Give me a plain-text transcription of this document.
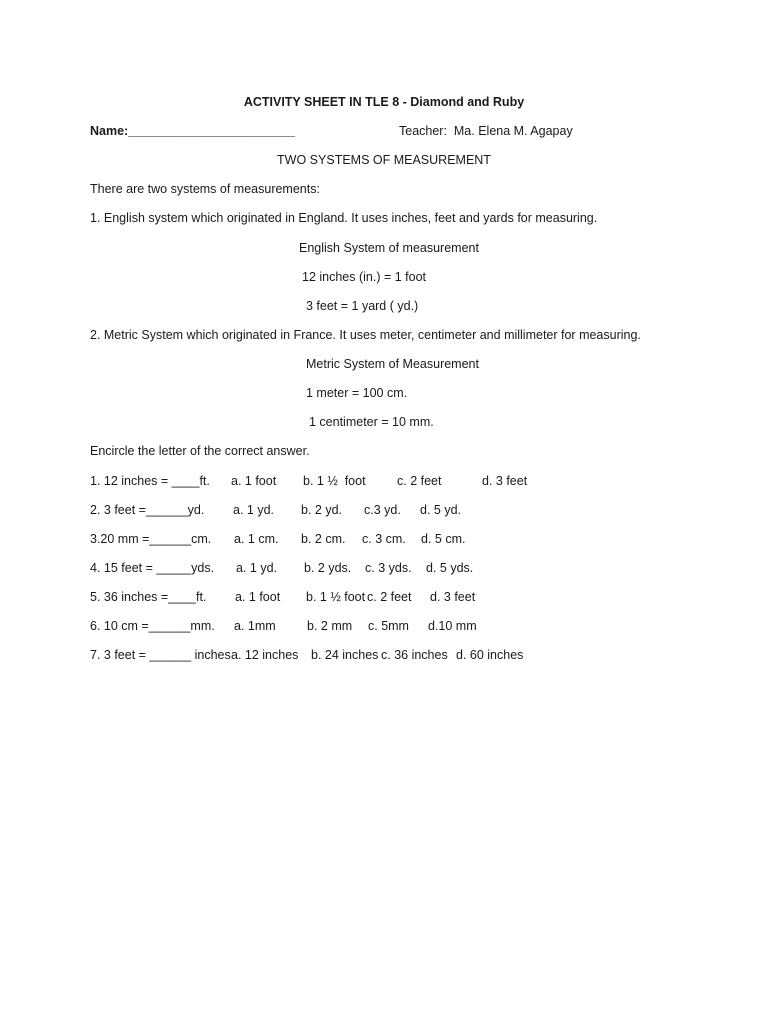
ACTIVITY SHEET IN TLE 8 - Diamond and Ruby
Name:________________________	Teacher:  Ma. Elena M. Agapay
TWO SYSTEMS OF MEASUREMENT
There are two systems of measurements:
1. English system which originated in England. It uses inches, feet and yards for measuring.
English System of measurement
12 inches (in.) = 1 foot
3 feet = 1 yard ( yd.)
2. Metric System which originated in France. It uses meter, centimeter and millimeter for measuring.
Metric System of Measurement
1 meter = 100 cm.
1 centimeter = 10 mm.
Encircle the letter of the correct answer.
1. 12 inches = ____ft. a. 1 foot b. 1 ½  foot	c. 2 feet	d. 3 feet
2. 3 feet =______yd. a. 1 yd. b. 2 yd. c.3 yd. d. 5 yd.
3.20 mm =______cm. a. 1 cm. b. 2 cm. c. 3 cm. d. 5 cm.
4. 15 feet = _____yds. a. 1 yd. b. 2 yds. c. 3 yds. d. 5 yds.
5. 36 inches =____ft. a. 1 foot b. 1 ½ foot c. 2 feet d. 3 feet
6. 10 cm =______mm. a. 1mm	b. 2 mm c. 5mm d.10 mm
7. 3 feet = ______ inches a. 12 inches b. 24 inches c. 36 inches d. 60 inches
